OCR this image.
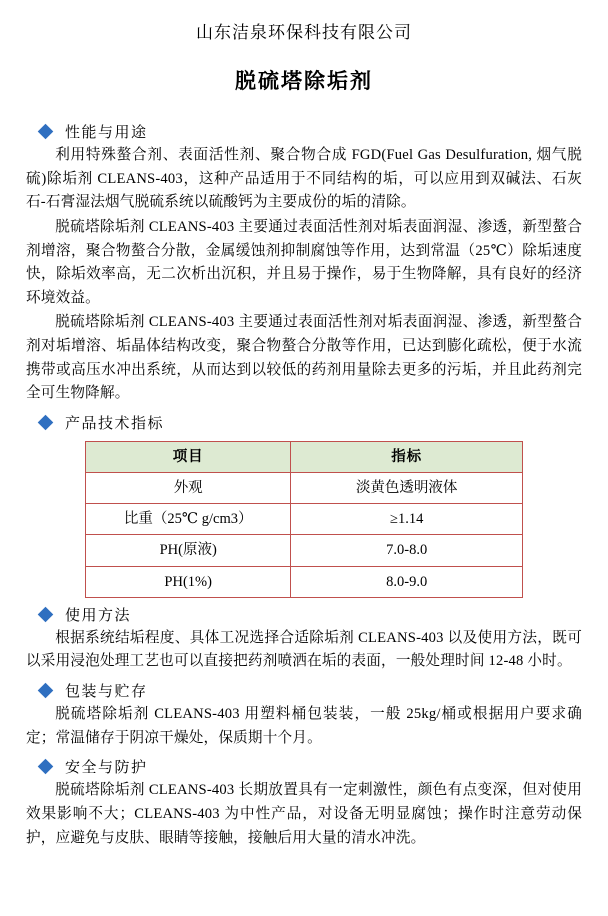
山东洁泉环保科技有限公司
脱硫塔除垢剂
性能与用途

利用特殊螯合剂、表面活性剂、聚合物合成 FGD(Fuel Gas Desulfuration, 烟气脱硫)除垢剂 CLEANS-403，这种产品适用于不同结构的垢，可以应用到双碱法、石灰石-石膏湿法烟气脱硫系统以硫酸钙为主要成份的垢的清除。

脱硫塔除垢剂 CLEANS-403 主要通过表面活性剂对垢表面润湿、渗透，新型螯合剂增溶，聚合物螯合分散，金属缓蚀剂抑制腐蚀等作用，达到常温（25℃）除垢速度快，除垢效率高，无二次析出沉积，并且易于操作，易于生物降解，具有良好的经济环境效益。

脱硫塔除垢剂 CLEANS-403 主要通过表面活性剂对垢表面润湿、渗透，新型螯合剂对垢增溶、垢晶体结构改变，聚合物螯合分散等作用，已达到膨化疏松，便于水流携带或高压水冲出系统，从而达到以较低的药剂用量除去更多的污垢，并且此药剂完全可生物降解。

产品技术指标
项目	指标
外观	淡黄色透明液体
比重（25℃ g/cm3）	≥1.14
PH(原液)	7.0-8.0
PH(1%)	8.0-9.0
使用方法

根据系统结垢程度、具体工况选择合适除垢剂 CLEANS-403 以及使用方法，既可以采用浸泡处理工艺也可以直接把药剂喷洒在垢的表面，一般处理时间 12-48 小时。

包装与贮存

脱硫塔除垢剂 CLEANS-403 用塑料桶包装装，一般 25kg/桶或根据用户要求确定；常温储存于阴凉干燥处，保质期十个月。

安全与防护

脱硫塔除垢剂 CLEANS-403 长期放置具有一定刺激性，颜色有点变深，但对使用效果影响不大；CLEANS-403 为中性产品，对设备无明显腐蚀；操作时注意劳动保护，应避免与皮肤、眼睛等接触，接触后用大量的清水冲洗。
